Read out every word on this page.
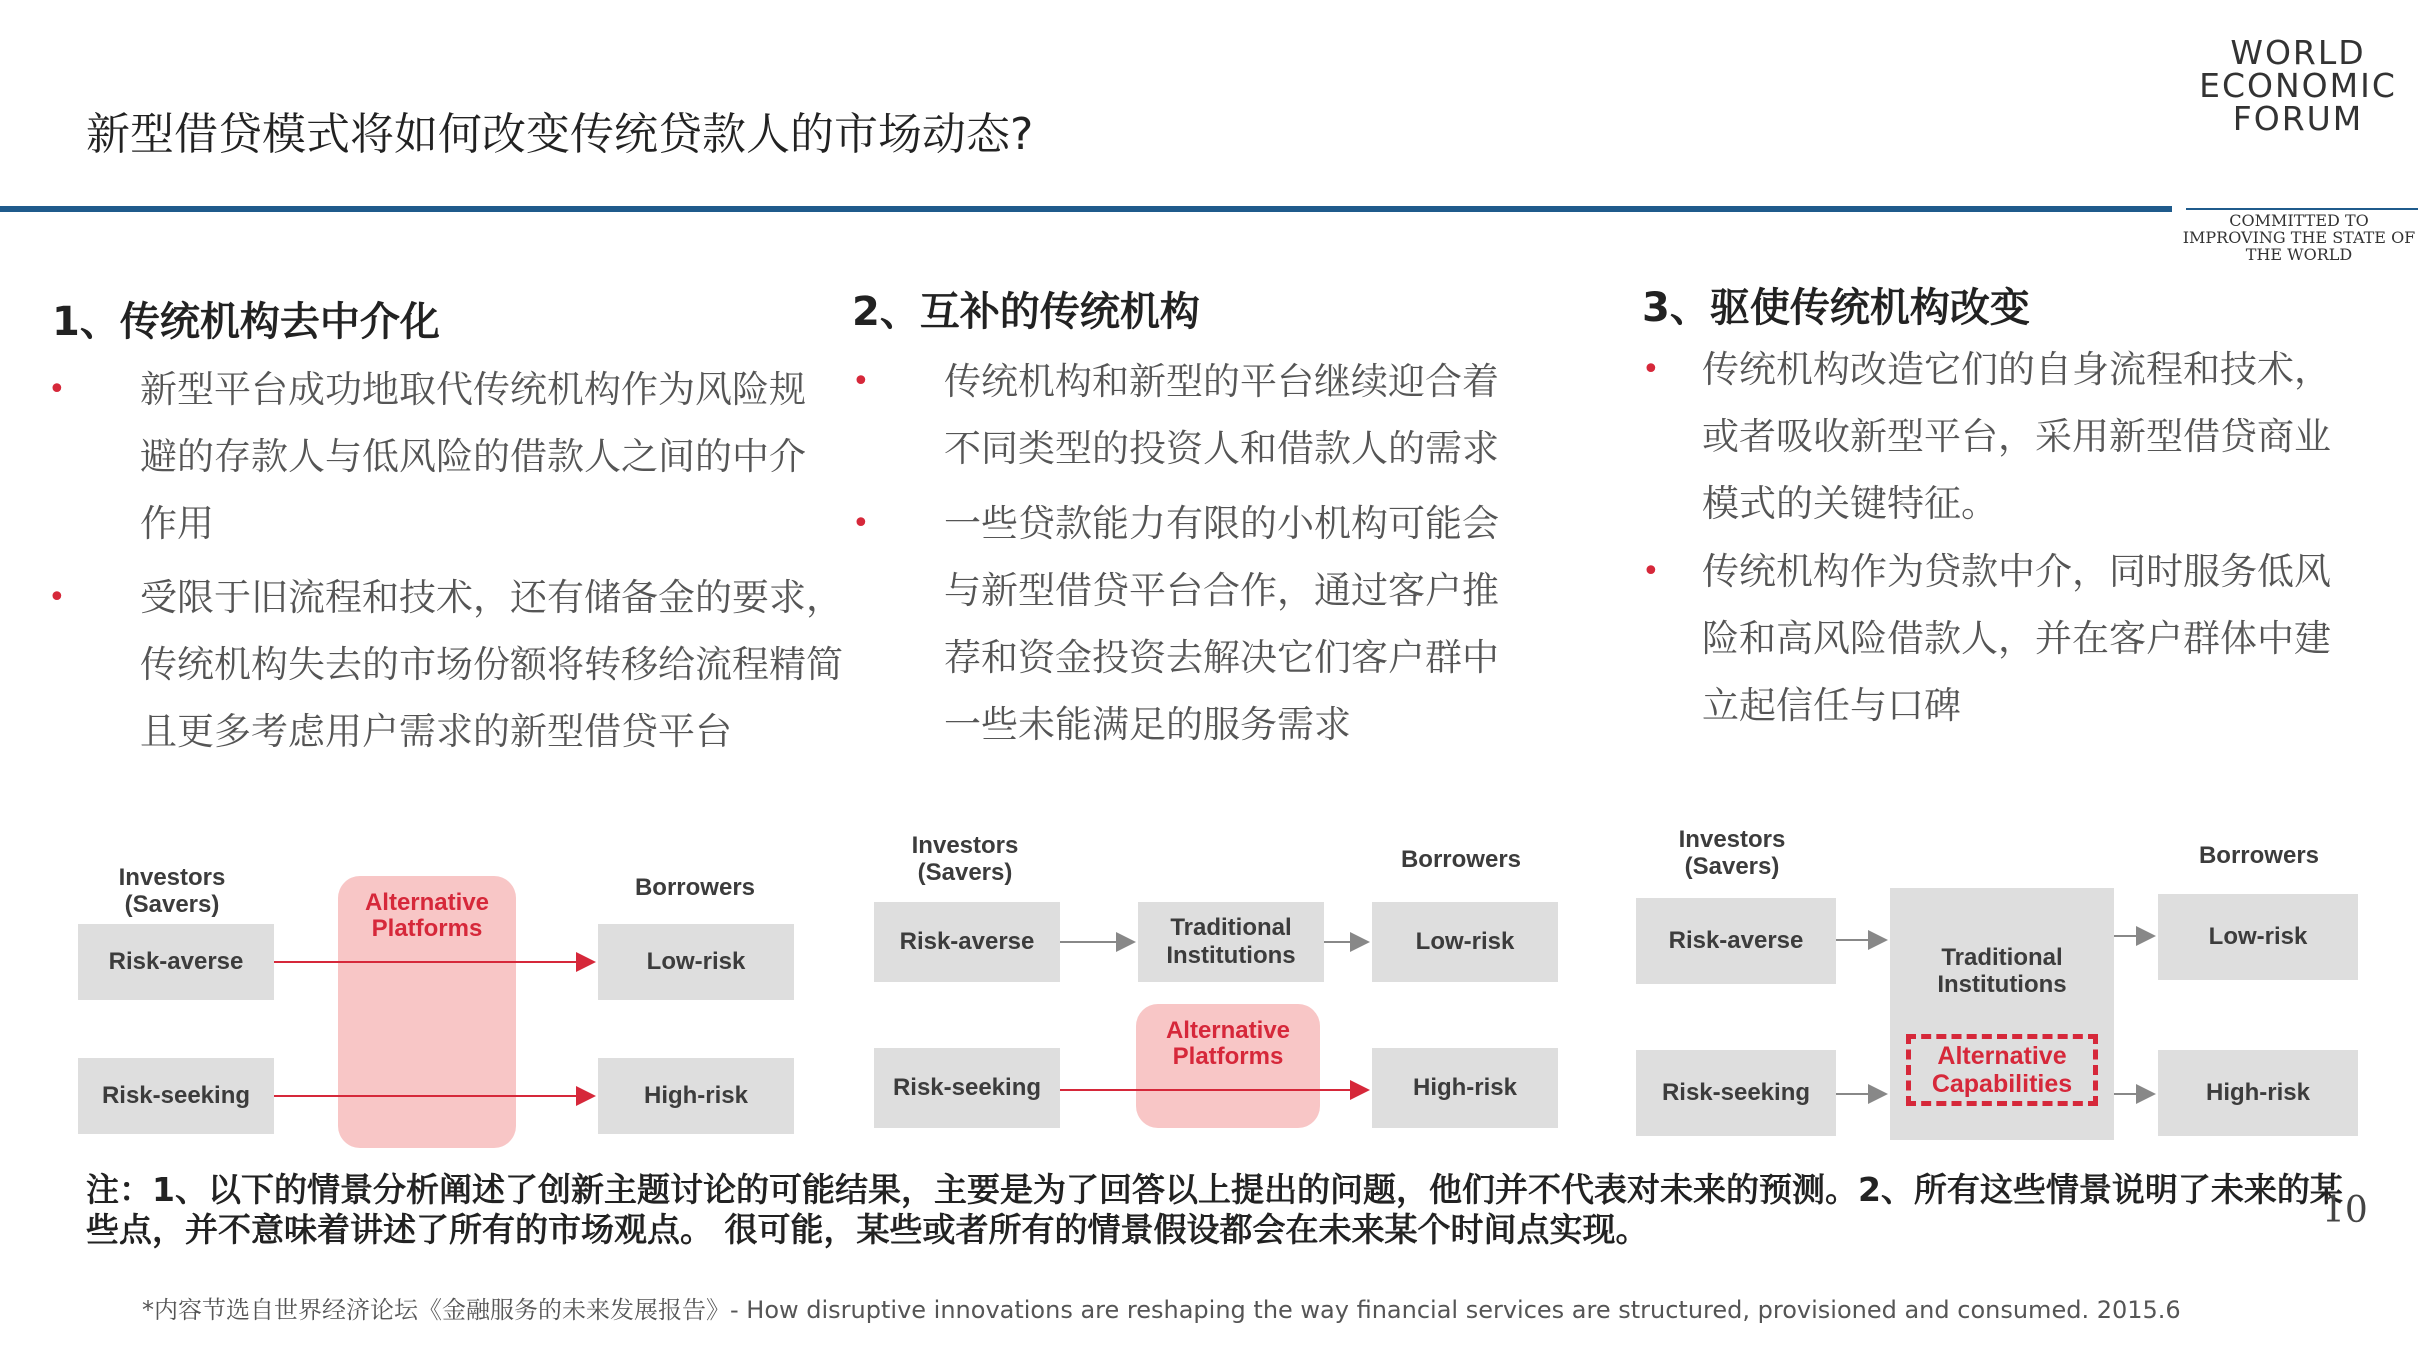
新型借贷模式将如何改变传统贷款人的市场动态?
WORLD
ECONOMIC
FORUM
COMMITTED TO IMPROVING THE STATE OF THE WORLD
1、传统机构去中介化
• 新型平台成功地取代传统机构作为风险规避的存款人与低风险的借款人之间的中介作用
• 受限于旧流程和技术，还有储备金的要求，传统机构失去的市场份额将转移给流程精简且更多考虑用户需求的新型借贷平台
2、互补的传统机构
• 传统机构和新型的平台继续迎合着不同类型的投资人和借款人的需求
• 一些贷款能力有限的小机构可能会与新型借贷平台合作，通过客户推荐和资金投资去解决它们客户群中一些未能满足的服务需求
3、驱使传统机构改变
• 传统机构改造它们的自身流程和技术，或者吸收新型平台，采用新型借贷商业模式的关键特征。
• 传统机构作为贷款中介，同时服务低风险和高风险借款人，并在客户群体中建立起信任与口碑
Alternative Platforms
Investors (Savers)
Borrowers
Risk-averse	Low-risk
Risk-seeking	High-risk
Investors (Savers)	Borrowers
Risk-averse
Traditional Institutions
Low-risk
Alternative Platforms
Risk-seeking	High-risk
Investors (Savers)	Borrowers
Risk-averse
Risk-seeking
Traditional Institutions
Alternative Capabilities
Low-risk
High-risk
注：1、以下的情景分析阐述了创新主题讨论的可能结果，主要是为了回答以上提出的问题，他们并不代表对未来的预测。2、所有这些情景说明了未来的某些点，并不意味着讲述了所有的市场观点。 很可能，某些或者所有的情景假设都会在未来某个时间点实现。	10
*内容节选自世界经济论坛《金融服务的未来发展报告》- How disruptive innovations are reshaping the way financial services are structured, provisioned and consumed. 2015.6
